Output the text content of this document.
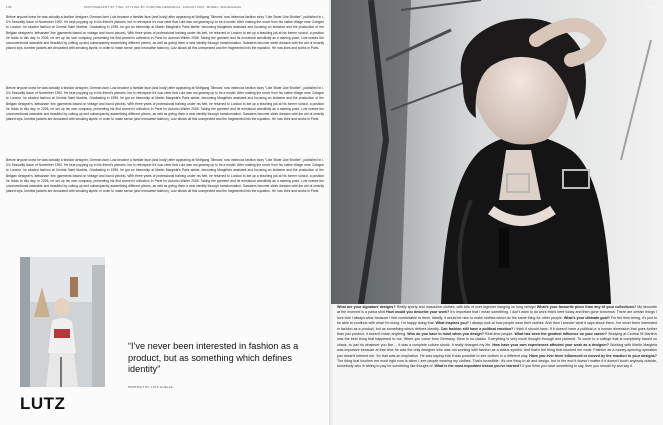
136	PHOTOGRAPHY BY TINA, STYLING BY CORINNE DEMANUAL, AUGUST 2007, MODEL: MAGDALENA
Before anyone knew he was actually a fashion designer, German-born Lutz became a familiar face (and body) after appearing at Wolfgang Tillmans' now infamous fashion story "Like Sister Like Brother", published in i-D's Sexuality Issue of November 1992. He kept popping up in his friend's pictures, but in retrospect it's now clear that Lutz was not gearing up to be a model. After making the move from his native village near Cologne to London, he studied fashion at Central Saint Martins. Graduating in 1995, he got an internship at Martin Margiela's Paris atelier, becoming Margiela's assistant and focusing on knitwear and the production of the Belgian designer's 'artisanale' line (garments based on vintage and found pieces). With three years of professional training under his belt, he returned to London to set up a teaching job at his former school, a position he holds to this day. In 2006, he set up his own company, presenting his first women's collection in Paris for Autumn-Winter 2008. Taking the garment and its emotional sensitivity as a starting point, Lutz makes the unconventional wearable and beautiful by cutting up and subsequently assembling different pieces, as well as giving them a new identity through transformation. Sweaters become sleek dresses with the aid of smartly placed zips, bomber jackets are decorated with smoking lapels: in order to make sense (and innovative fashion), Lutz allows all this unexpected and the fragmented into the equation. He now lives and works in Paris.
Before anyone knew he was actually a fashion designer, German-born Lutz became a familiar face (and body) after appearing at Wolfgang Tillmans' now infamous fashion story "Like Sister Like Brother", published in i-D's Sexuality Issue of November 1992. He kept popping up in his friend's pictures, but in retrospect it's now clear that Lutz was not gearing up to be a model. After making the move from his native village near Cologne to London, he studied fashion at Central Saint Martins. Graduating in 1995, he got an internship at Martin Margiela's Paris atelier, becoming Margiela's assistant and focusing on knitwear and the production of the Belgian designer's 'artisanale' line (garments based on vintage and found pieces). With three years of professional training under his belt, he returned to London to set up a teaching job at his former school, a position he holds to this day. In 2006, he set up his own company, presenting his first women's collection in Paris for Autumn-Winter 2008. Taking the garment and its emotional sensitivity as a starting point, Lutz makes the unconventional wearable and beautiful by cutting up and subsequently assembling different pieces, as well as giving them a new identity through transformation. Sweaters become sleek dresses with the aid of smartly placed zips, bomber jackets are decorated with smoking lapels: in order to make sense (and innovative fashion), Lutz allows all this unexpected and the fragmented into the equation. He now lives and works in Paris.
Before anyone knew he was actually a fashion designer, German-born Lutz became a familiar face (and body) after appearing at Wolfgang Tillmans' now infamous fashion story "Like Sister Like Brother", published in i-D's Sexuality Issue of November 1992. He kept popping up in his friend's pictures, but in retrospect it's now clear that Lutz was not gearing up to be a model. After making the move from his native village near Cologne to London, he studied fashion at Central Saint Martins. Graduating in 1995, he got an internship at Martin Margiela's Paris atelier, becoming Margiela's assistant and focusing on knitwear and the production of the Belgian designer's 'artisanale' line (garments based on vintage and found pieces). With three years of professional training under his belt, he returned to London to set up a teaching job at his former school, a position he holds to this day. In 2006, he set up his own company, presenting his first women's collection in Paris for Autumn-Winter 2008. Taking the garment and its emotional sensitivity as a starting point, Lutz makes the unconventional wearable and beautiful by cutting up and subsequently assembling different pieces, as well as giving them a new identity through transformation. Sweaters become sleek dresses with the aid of smartly placed zips, bomber jackets are decorated with smoking lapels: in order to make sense (and innovative fashion), Lutz allows all this unexpected and the fragmented into the equation. He now lives and works in Paris.
“I've never been interested in fashion as a product, but as something which defines identity”
PORTRAIT BY LUTZ HUELLE
LUTZ
LUTZ
What are your signature designs? Really sporty and masculine clothes, with bits of over-ingenier hanging on long strings! What's your favourite piece from any of your collections? My favourite at the moment is a parka shirt How would you describe your work? It's important that I mean something. I don't want to do work that's here today and then gone tomorrow. There are certain things I love that I always wear because I feel comfortable in them. Ideally, it would be nice to make clothes which do the same thing for other people. What's your ultimate goal? For the time being, it's just to be able to continue with what I'm doing. I'm happy doing that. What inspires you? I always look at how people wear their clothes. And then I wonder what it says about them. I've never been interested in fashion as a product, but as something which defines identity. Can fashion still have a political emotion? I think it should have. If it doesn't have a political or a human dimension that goes further than just product, it doesn't mean anything. Who do you have in mind when you design? Real-time people. What has been the greatest influence on your career? Studying at Central St Martin's was the best thing that happened to me. When you come from Germany, there is no classic. Everything is very much thought through and planned. To come to a college that is completely based on chaos, to just do whatever you like ... it was a complete culture shock. It really changed my life. How have your own experiences affected your work as a designer? Working with Martin Margiela was important because at that time he was the only designer who was not working with fashion as a status symbol. And that's the thing that touched me most. Fashion as a money-spinning operation just doesn't interest me. So that was an inspiration. He was saying that it was possible to see clothes in a different way. Have you ever been influenced or moved by the reaction to your designs? The thing that touches me most right now is when I see people wearing my clothes. That's incredible. It's one thing to sit and design, but in the end it doesn't matter if it doesn't touch anybody outside, somebody who is willing to pay for something like thought of. What is the most important lesson you've learned? If you think you have something to say, then you should try and say it.
